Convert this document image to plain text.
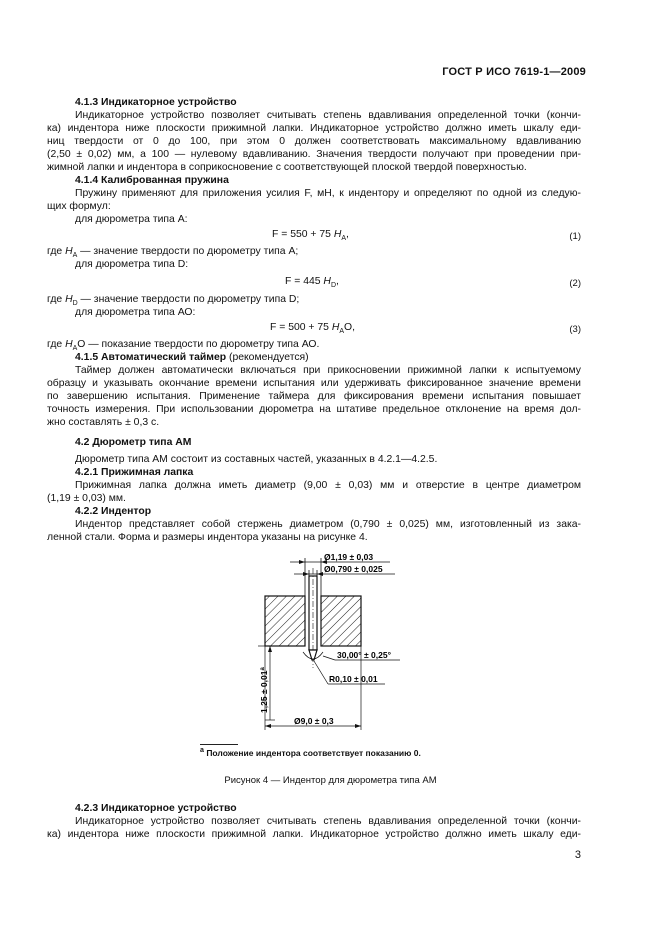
ГОСТ Р ИСО 7619-1—2009
4.1.3 Индикаторное устройство
Индикаторное устройство позволяет считывать степень вдавливания определенной точки (кончи-
ка) индентора ниже плоскости прижимной лапки. Индикаторное устройство должно иметь шкалу еди-
ниц твердости от 0 до 100, при этом 0 должен соответствовать максимальному вдавливанию
(2,50 ± 0,02) мм, а 100 — нулевому вдавливанию. Значения твердости получают при проведении при-
жимной лапки и индентора в соприкосновение с соответствующей плоской твердой поверхностью.
4.1.4 Калиброванная пружина
Пружину применяют для приложения усилия F, мН, к индентору и определяют по одной из следую-
щих формул:
для дюрометра типа А:
F = 550 + 75 $H_A$,	(1)
где $H_A$ — значение твердости по дюрометру типа А;
для дюрометра типа D:
F = 445 $H_D$,	(2)
где $H_D$ — значение твердости по дюрометру типа D;
для дюрометра типа АО:
F = 500 + 75 $H_AO$,	(3)
где $H_AO$ — показание твердости по дюрометру типа АО.
4.1.5 Автоматический таймер (рекомендуется)
Таймер должен автоматически включаться при прикосновении прижимной лапки к испытуемому
образцу и указывать окончание времени испытания или удерживать фиксированное значение времени
по завершению испытания. Применение таймера для фиксирования времени испытания повышает
точность измерения. При использовании дюрометра на штативе предельное отклонение на время дол-
жно составлять ± 0,3 с.
4.2 Дюрометр типа АМ
Дюрометр типа АМ состоит из составных частей, указанных в 4.2.1—4.2.5.
4.2.1 Прижимная лапка
Прижимная лапка должна иметь диаметр (9,00 ± 0,03) мм и отверстие в центре диаметром
(1,19 ± 0,03) мм.
4.2.2 Индентор
Индентор представляет собой стержень диаметром (0,790 ± 0,025) мм, изготовленный из зака-
ленной стали. Форма и размеры индентора указаны на рисунке 4.
Ø1,19 ± 0,03
Ø0,790 ± 0,025
30,00° ± 0,25°
R0,10 ± 0,01
1,25 ± 0,01$^a$
Ø9,0 ± 0,3
$^a$ Положение индентора соответствует показанию 0.
Рисунок 4 — Индентор для дюрометра типа АМ
4.2.3 Индикаторное устройство
Индикаторное устройство позволяет считывать степень вдавливания определенной точки (кончи-
ка) индентора ниже плоскости прижимной лапки. Индикаторное устройство должно иметь шкалу еди-
3
